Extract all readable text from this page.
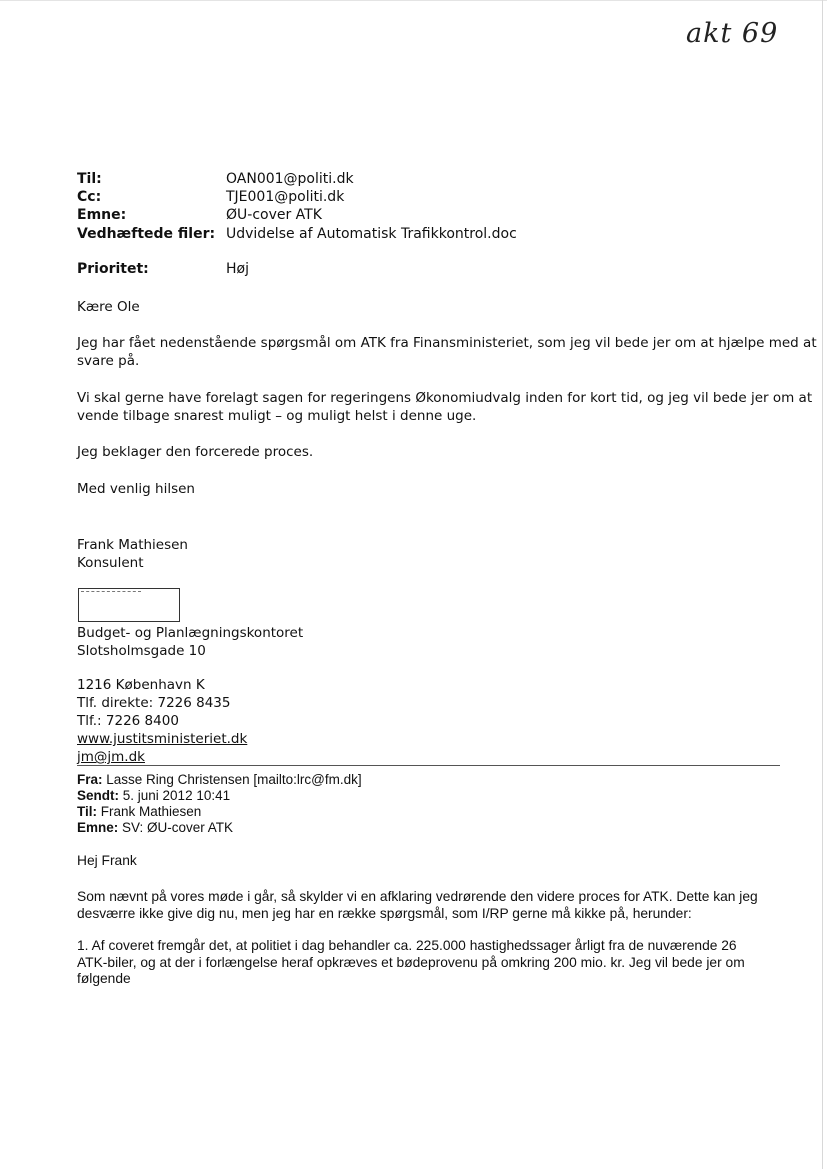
akt 69
Til:	OAN001@politi.dk
Cc:	TJE001@politi.dk
Emne:	ØU-cover ATK
Vedhæftede filer: Udvidelse af Automatisk Trafikkontrol.doc
Prioritet:	Høj
Kære Ole
Jeg har fået nedenstående spørgsmål om ATK fra Finansministeriet, som jeg vil bede jer om at hjælpe med at
svare på.
Vi skal gerne have forelagt sagen for regeringens Økonomiudvalg inden for kort tid, og jeg vil bede jer om at
vende tilbage snarest muligt – og muligt helst i denne uge.
Jeg beklager den forcerede proces.
Med venlig hilsen
Frank Mathiesen
Konsulent
Budget- og Planlægningskontoret
Slotsholmsgade 10
1216 København K
Tlf. direkte: 7226 8435
Tlf.: 7226 8400
www.justitsministeriet.dk
jm@jm.dk
Fra: Lasse Ring Christensen [mailto:lrc@fm.dk]
Sendt: 5. juni 2012 10:41
Til: Frank Mathiesen
Emne: SV: ØU-cover ATK
Hej Frank
Som nævnt på vores møde i går, så skylder vi en afklaring vedrørende den videre proces for ATK. Dette kan jeg
desværre ikke give dig nu, men jeg har en række spørgsmål, som I/RP gerne må kikke på, herunder:
1. Af coveret fremgår det, at politiet i dag behandler ca. 225.000 hastighedssager årligt fra de nuværende 26
ATK-biler, og at der i forlængelse heraf opkræves et bødeprovenu på omkring 200 mio. kr. Jeg vil bede jer om
følgende
